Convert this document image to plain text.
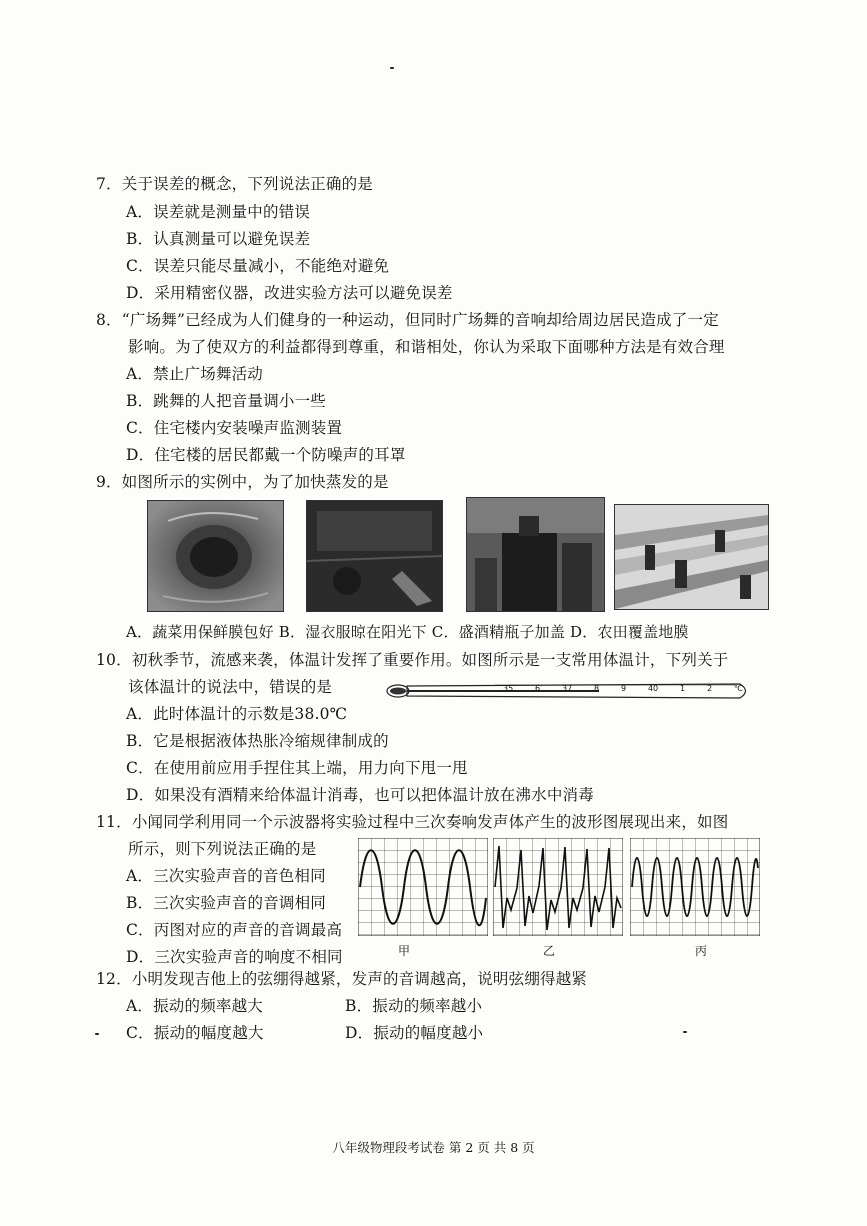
7．关于误差的概念，下列说法正确的是
A．误差就是测量中的错误
B．认真测量可以避免误差
C．误差只能尽量减小，不能绝对避免
D．采用精密仪器，改进实验方法可以避免误差
8．“广场舞”已经成为人们健身的一种运动，但同时广场舞的音响却给周边居民造成了一定
影响。为了使双方的利益都得到尊重，和谐相处，你认为采取下面哪种方法是有效合理
A．禁止广场舞活动
B．跳舞的人把音量调小一些
C．住宅楼内安装噪声监测装置
D．住宅楼的居民都戴一个防噪声的耳罩
9．如图所示的实例中，为了加快蒸发的是
A．蔬菜用保鲜膜包好 B．湿衣服晾在阳光下 C．盛酒精瓶子加盖 D．农田覆盖地膜
10．初秋季节，流感来袭，体温计发挥了重要作用。如图所示是一支常用体温计，下列关于
该体温计的说法中，错误的是	35	6	37	8	9	40	1	2	℃
A．此时体温计的示数是38.0℃
B．它是根据液体热胀冷缩规律制成的
C．在使用前应用手捏住其上端，用力向下甩一甩
D．如果没有酒精来给体温计消毒，也可以把体温计放在沸水中消毒
11．小闻同学利用同一个示波器将实验过程中三次奏响发声体产生的波形图展现出来，如图
所示，则下列说法正确的是
A．三次实验声音的音色相同
B．三次实验声音的音调相同
C．丙图对应的声音的音调最高
D．三次实验声音的响度不相同	甲	乙	丙
12．小明发现吉他上的弦绷得越紧，发声的音调越高，说明弦绷得越紧
A．振动的频率越大	B．振动的频率越小
C．振动的幅度越大	D．振动的幅度越小
八年级物理段考试卷 第 2 页 共 8 页
